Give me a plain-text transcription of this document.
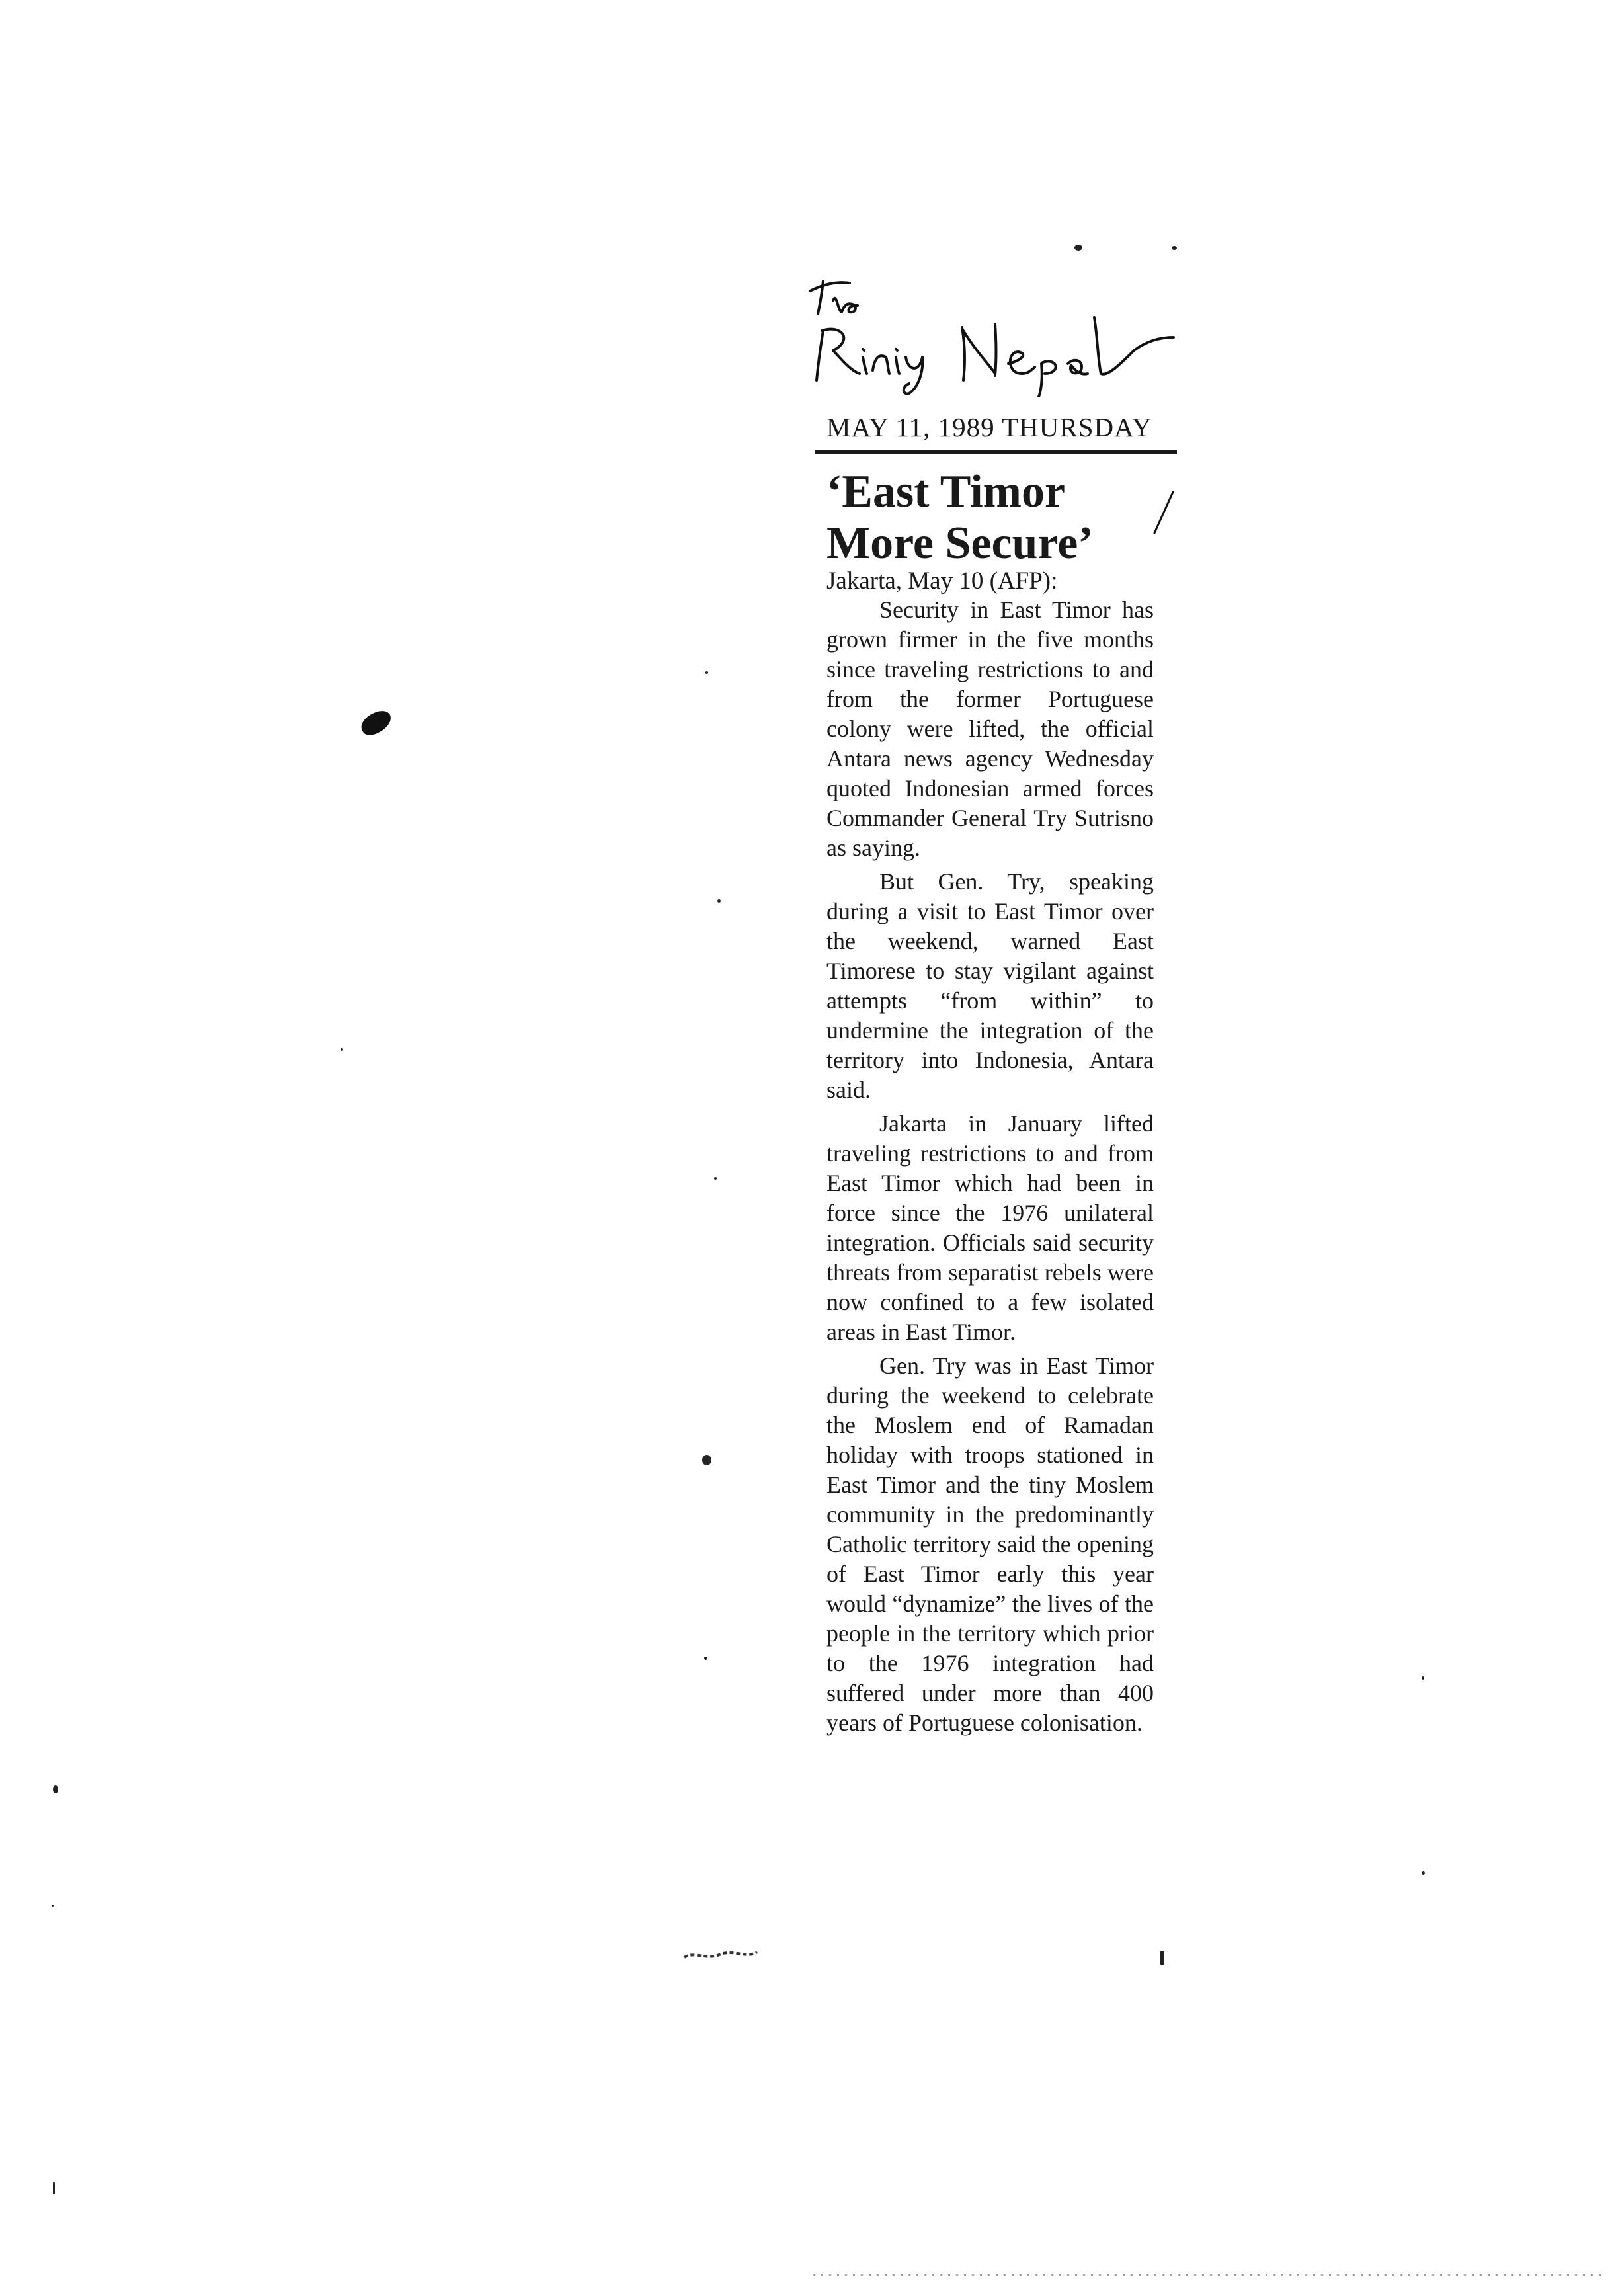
MAY 11, 1989 THURSDAY
‘East Timor
More Secure’
Jakarta, May 10 (AFP):

Security in East Timor has grown firmer in the five months since traveling restrictions to and from the former Portuguese colony were lifted, the official Antara news agency Wednesday quoted Indonesian armed forces Commander General Try Sutrisno as saying.

But Gen. Try, speaking during a visit to East Timor over the weekend, warned East Timorese to stay vigilant against attempts “from within” to undermine the integration of the territory into Indonesia, Antara said.

Jakarta in January lifted traveling restrictions to and from East Timor which had been in force since the 1976 unilateral integration. Officials said security threats from separatist rebels were now confined to a few isolated areas in East Timor.

Gen. Try was in East Timor during the weekend to celebrate the Moslem end of Ramadan holiday with troops stationed in East Timor and the tiny Moslem community in the predominantly Catholic territory said the opening of East Timor early this year would “dynamize” the lives of the people in the territory which prior to the 1976 integration had suffered under more than 400 years of Portuguese colonisation.
